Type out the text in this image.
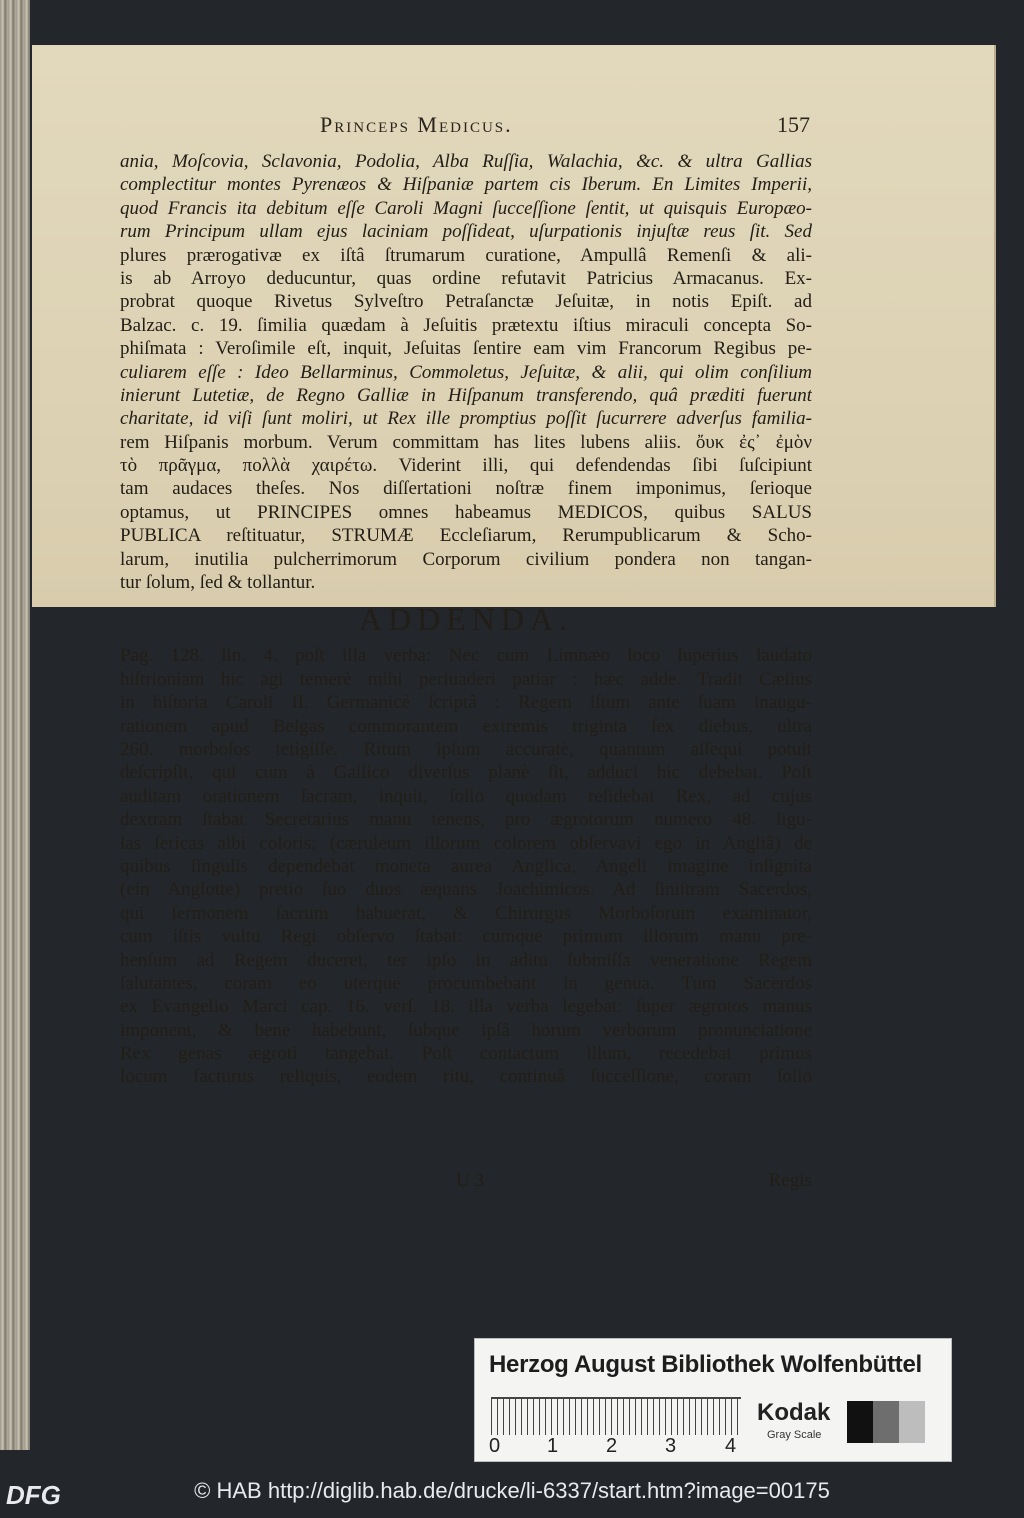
Princeps Medicus.	157
ania, Moſcovia, Sclavonia, Podolia, Alba Ruſſia, Walachia, &c. & ultra Gallias
complectitur montes Pyrenæos & Hiſpaniæ partem cis Iberum. En Limites Imperii,
quod Francis ita debitum eſſe Caroli Magni ſucceſſione ſentit, ut quisquis Europæo-
rum Principum ullam ejus laciniam poſſideat, uſurpationis injuſtæ reus ſit. Sed
plures prærogativæ ex iſtâ ſtrumarum curatione, Ampullâ Remenſi & ali-
is ab Arroyo deducuntur, quas ordine refutavit Patricius Armacanus. Ex-
probrat quoque Rivetus Sylveſtro Petraſanctæ Jeſuitæ, in notis Epiſt. ad
Balzac. c. 19. ſimilia quædam à Jeſuitis prætextu iſtius miraculi concepta So-
phiſmata : Veroſimile eſt, inquit, Jeſuitas ſentire eam vim Francorum Regibus pe-
culiarem eſſe : Ideo Bellarminus, Commoletus, Jeſuitæ, & alii, qui olim conſilium
inierunt Lutetiæ, de Regno Galliæ in Hiſpanum transferendo, quâ præditi fuerunt
charitate, id viſi ſunt moliri, ut Rex ille promptius poſſit ſucurrere adverſus familia-
rem Hiſpanis morbum. Verum committam has lites lubens aliis. ὄυκ ἐς᾽ ἐμὸν
τὸ πρᾶγμα, πολλὰ χαιρέτω. Viderint illi, qui defendendas ſibi ſuſcipiunt
tam audaces theſes. Nos diſſertationi noſtræ finem imponimus, ſerioque
optamus, ut PRINCIPES omnes habeamus MEDICOS, quibus SALUS
PUBLICA reſtituatur, STRUMÆ Eccleſiarum, Rerumpublicarum & Scho-
larum, inutilia pulcherrimorum Corporum civilium pondera non tangan-
tur ſolum, ſed & tollantur.
ADDENDA.
Pag. 128. lin. 4. poſt illa verba: Nec cum Limnæo loco ſuperius laudato
hiſtrioniam hic agi temerè mihi perſuaderi patiar : hæc adde. Tradit Cæſius
in hiſtoria Caroli II. Germanicè ſcriptâ : Regem iſtum ante ſuam inaugu-
rationem apud Belgas commorantem extremis triginta ſex diebus, ultra
260. morboſos tetigiſſe. Ritum ipſum accuratè, quantum aſſequi potuit
deſcripſit, qui cum à Gallico diverſus planè ſit, adduci hic debebat. Poſt
auditam orationem ſacram, inquit, ſolio quodam reſidebat Rex, ad cujus
dextram ſtabat Secretarius manu tenens, pro ægrotorum numero 48. ligu-
las ſericas albi coloris; (cæruleum illorum colorem obſervavi ego in Angliâ) de
quibus ſingulis dependebat moneta aurea Anglica, Angeli imagine inſignita
(ein Anglotte) pretio ſuo duos æquans Joachimicos. Ad ſiniſtram Sacerdos,
qui ſermonem ſacrum habuerat, & Chirurgus Morboſorum examinator,
cum iſtis vultu Regi obſervo ſtabat: cumque primum illorum manu pre-
henſum ad Regem duceret, ter ipſo in aditu ſubmiſſa veneratione Regem
ſalutantes, coram eo uterque procumbebant in genua. Tum Sacerdos
ex Evangelio Marci cap. 16. verſ. 18. illa verba legebat: ſuper ægrotos manus
imponent, & bene habebunt, ſubque ipſâ horum verborum pronunciatione
Rex genas ægroti tangebat. Poſt contactum illum, recedebat primus
locum facturus reliquis, eodem ritu, continuâ ſucceſſione, coram ſolio
U 3	Regis
Herzog August Bibliothek Wolfenbüttel
0 1 2 3 4
Kodak
Gray Scale
DFG	© HAB http://diglib.hab.de/drucke/li-6337/start.htm?image=00175
